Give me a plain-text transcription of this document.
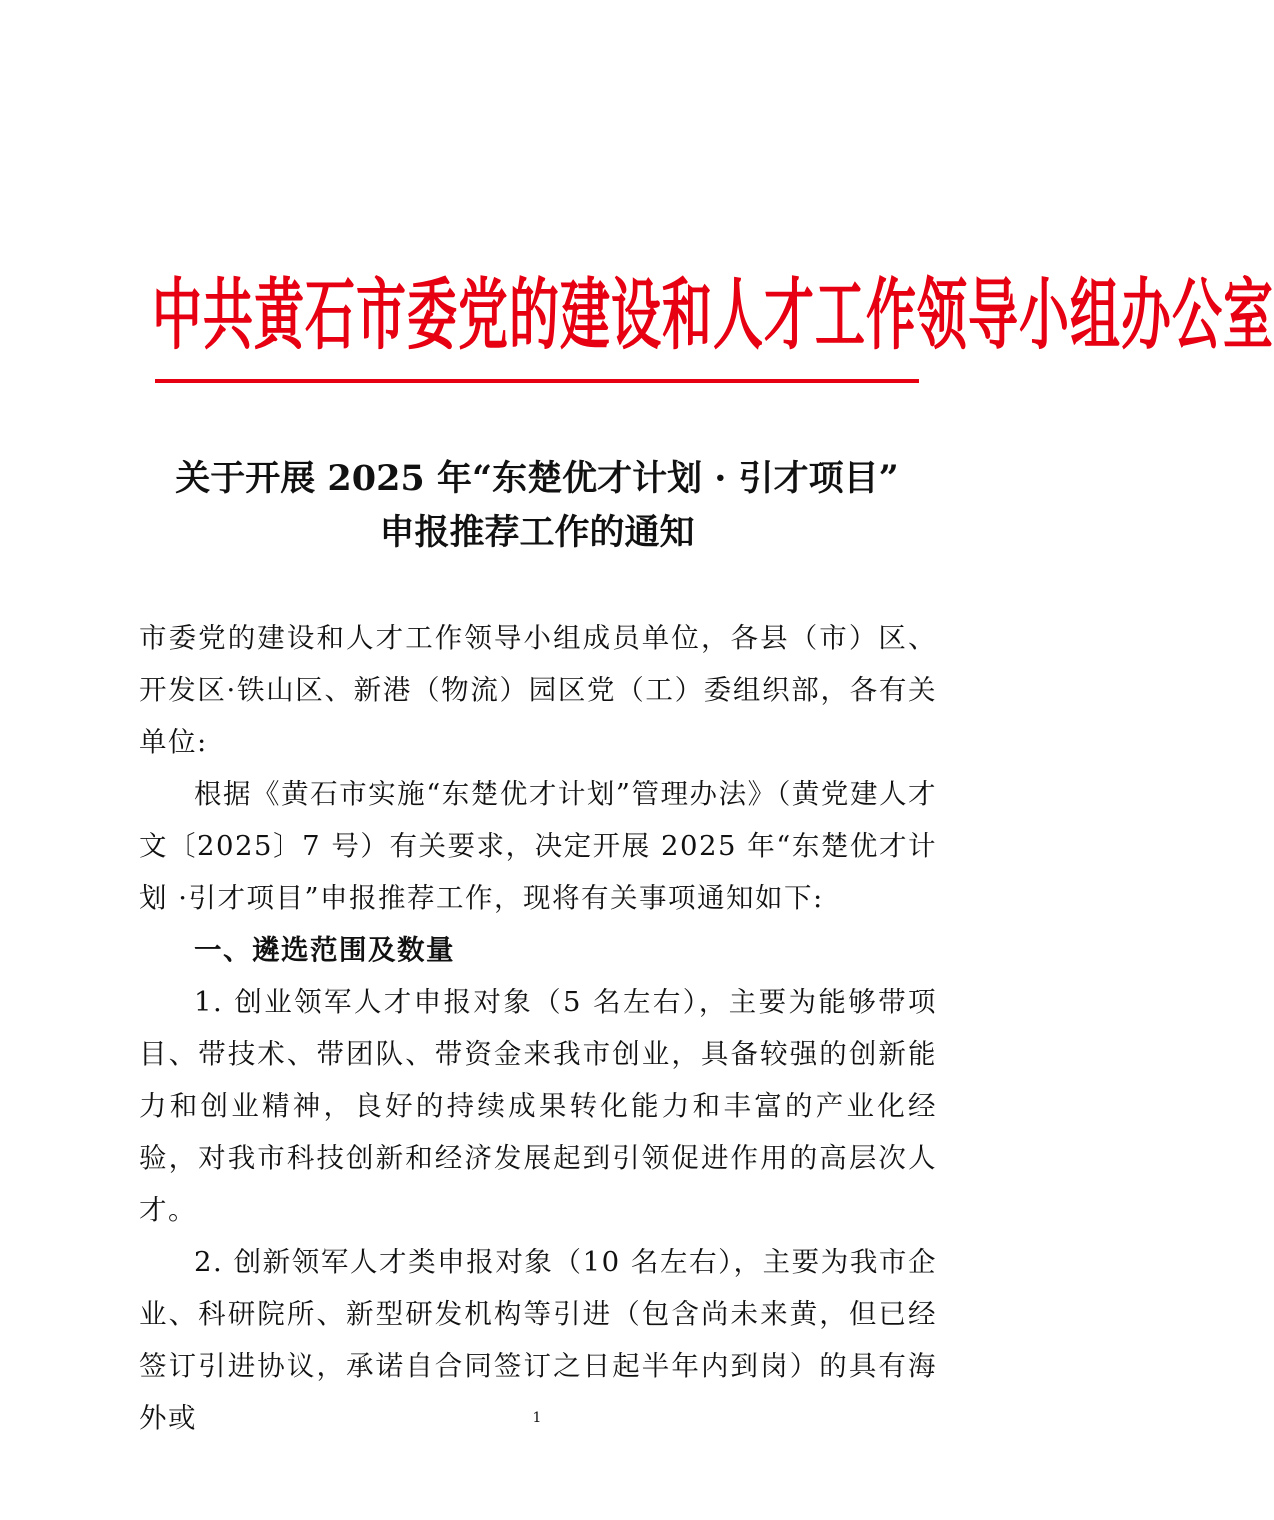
中共黄石市委党的建设和人才工作领导小组办公室
关于开展 2025 年“东楚优才计划 · 引才项目”
申报推荐工作的通知

市委党的建设和人才工作领导小组成员单位，各县（市）区、开发区·铁山区、新港（物流）园区党（工）委组织部，各有关单位:

根据《黄石市实施“东楚优才计划”管理办法》（黄党建人才文〔2025〕7 号）有关要求，决定开展 2025 年“东楚优才计划 ·引才项目”申报推荐工作，现将有关事项通知如下:

一、遴选范围及数量

1. 创业领军人才申报对象（5 名左右），主要为能够带项目、带技术、带团队、带资金来我市创业，具备较强的创新能力和创业精神，良好的持续成果转化能力和丰富的产业化经验，对我市科技创新和经济发展起到引领促进作用的高层次人才。

2. 创新领军人才类申报对象（10 名左右），主要为我市企业、科研院所、新型研发机构等引进（包含尚未来黄，但已经签订引进协议，承诺自合同签订之日起半年内到岗）的具有海外或	1
